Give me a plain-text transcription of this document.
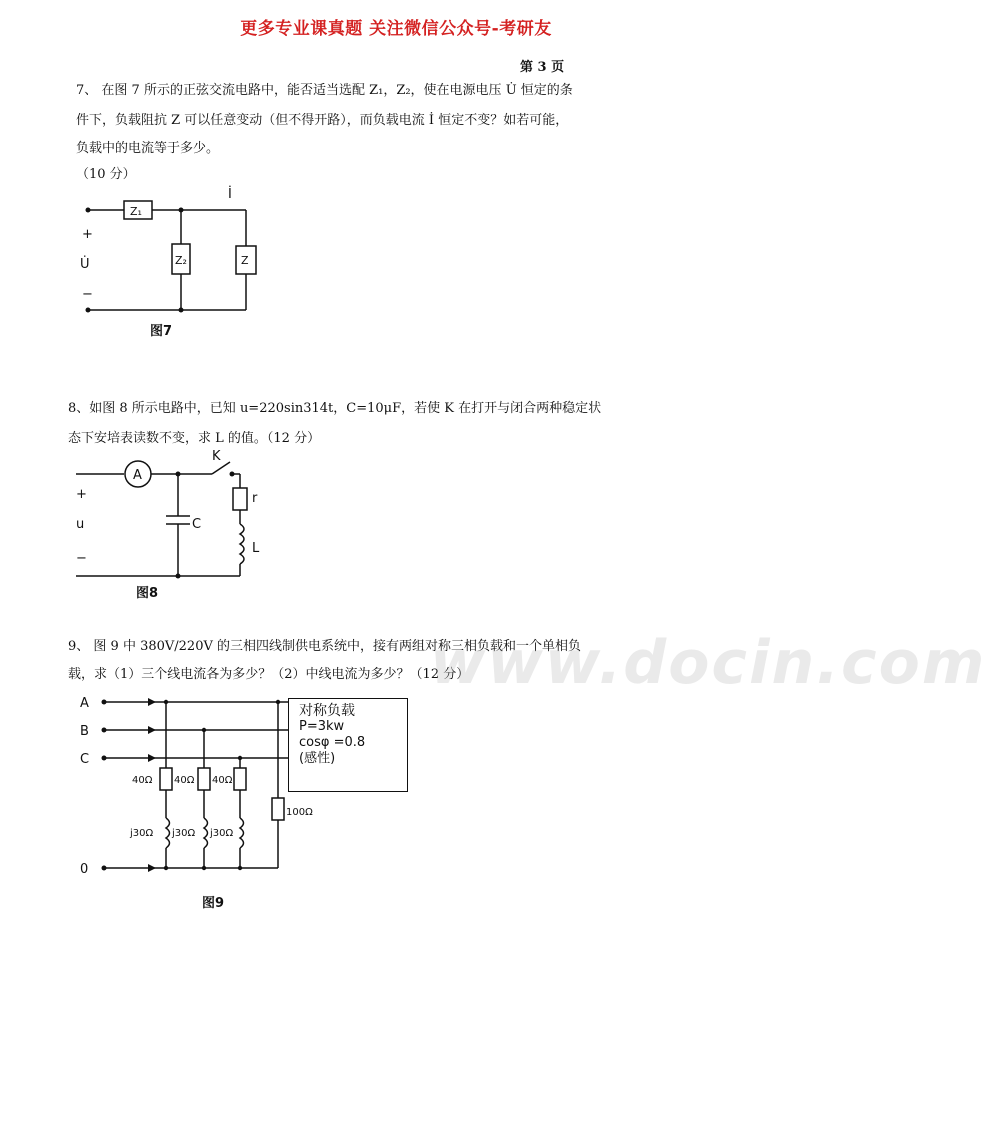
更多专业课真题 关注微信公众号-考研友
第 3 页
7、 在图 7 所示的正弦交流电路中，能否适当选配 Z₁，Z₂，使在电源电压 U̇ 恒定的条
件下，负载阻抗 Z 可以任意变动（但不得开路），而负载电流 İ 恒定不变？如若可能，
负载中的电流等于多少。
（10 分）
Z₁
Z₂	Z
İ
+
U̇
−
图7
8、如图 8 所示电路中，已知 u=220sin314t，C=10μF，若使 K 在打开与闭合两种稳定状
态下安培表读数不变，求 L 的值。（12 分）
A
K
r
C
L
+
u
−
图8
9、 图 9 中 380V/220V 的三相四线制供电系统中，接有两组对称三相负载和一个单相负
载，求（1）三个线电流各为多少？（2）中线电流为多少？（12 分）
www.docin.com
A
B
C
0
40Ω 40Ω 40Ω
j30Ω j30Ω j30Ω
100Ω
对称负载
P=3kw
cosφ =0.8
(感性)
图9
